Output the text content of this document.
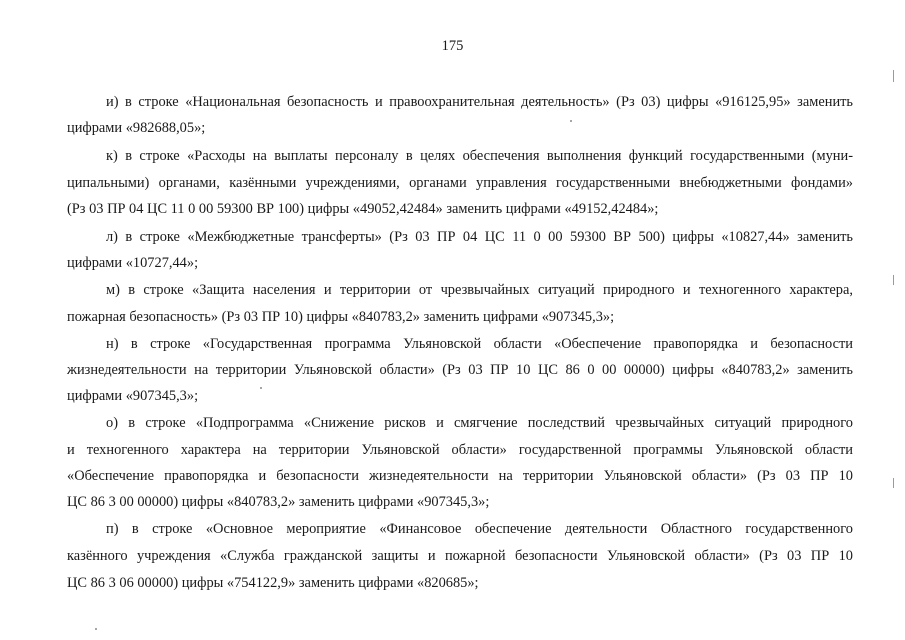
175
и) в строке «Национальная безопасность и правоохранительная деятельность» (Рз 03) цифры «916125,95» заменить
цифрами «982688,05»;
к) в строке «Расходы на выплаты персоналу в целях обеспечения выполнения функций государственными (муни-
ципальными) органами, казёнными учреждениями, органами управления государственными внебюджетными фондами»
(Рз 03 ПР 04 ЦС 11 0 00 59300 ВР 100) цифры «49052,42484» заменить цифрами «49152,42484»;
л) в строке «Межбюджетные трансферты» (Рз 03 ПР 04 ЦС 11 0 00 59300 ВР 500) цифры «10827,44» заменить
цифрами «10727,44»;
м) в строке «Защита населения и территории от чрезвычайных ситуаций природного и техногенного характера,
пожарная безопасность» (Рз 03 ПР 10) цифры «840783,2» заменить цифрами «907345,3»;
н) в строке «Государственная программа Ульяновской области «Обеспечение правопорядка и безопасности
жизнедеятельности на территории Ульяновской области» (Рз 03 ПР 10 ЦС 86 0 00 00000) цифры «840783,2» заменить
цифрами «907345,3»;
о) в строке «Подпрограмма «Снижение рисков и смягчение последствий чрезвычайных ситуаций природного
и техногенного характера на территории Ульяновской области» государственной программы Ульяновской области
«Обеспечение правопорядка и безопасности жизнедеятельности на территории Ульяновской области» (Рз 03 ПР 10
ЦС 86 3 00 00000) цифры «840783,2» заменить цифрами «907345,3»;
п) в строке «Основное мероприятие «Финансовое обеспечение деятельности Областного государственного
казённого учреждения «Служба гражданской защиты и пожарной безопасности Ульяновской области» (Рз 03 ПР 10
ЦС 86 3 06 00000) цифры «754122,9» заменить цифрами «820685»;
